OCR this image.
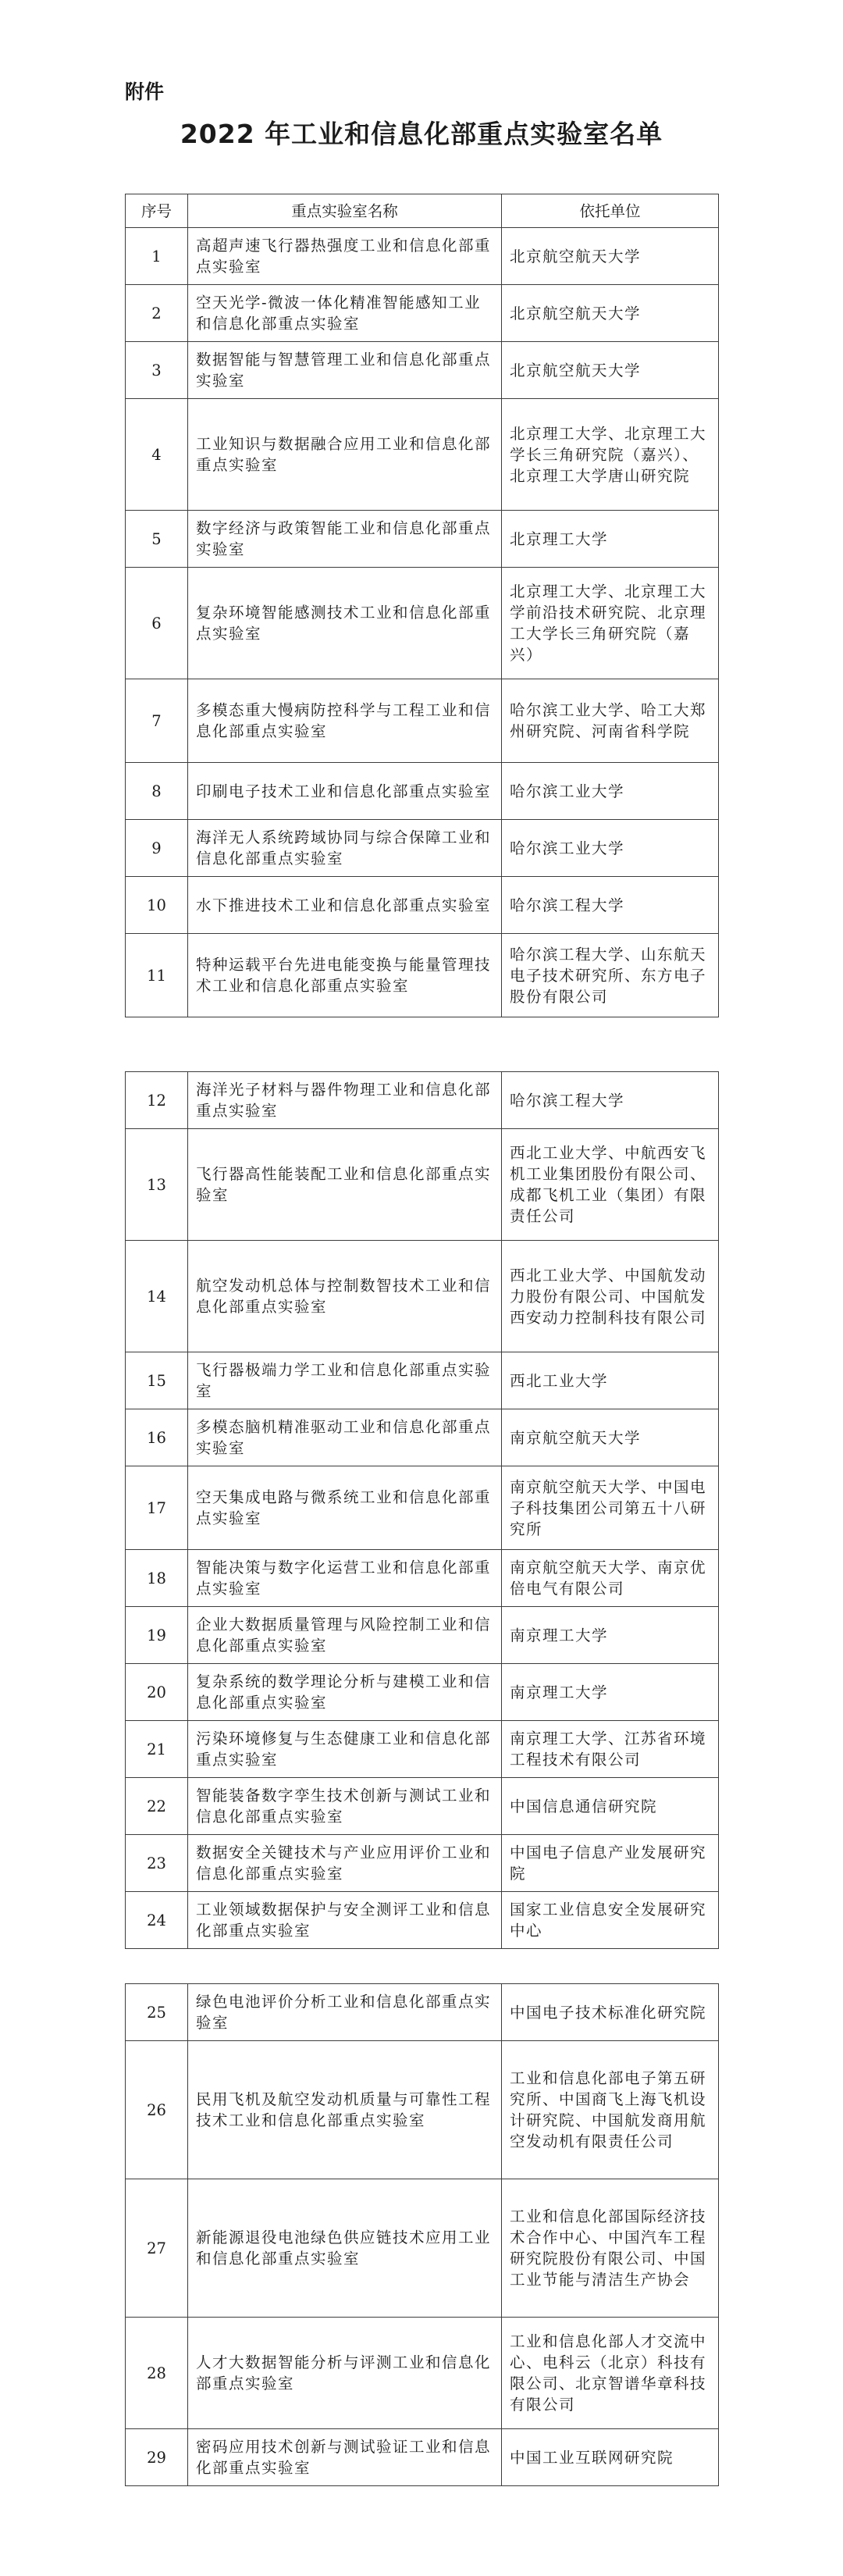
附件
2022 年工业和信息化部重点实验室名单
序号	重点实验室名称	依托单位
1	高超声速飞行器热强度工业和信息化部重点实验室	北京航空航天大学
2	空天光学-微波一体化精准智能感知工业和信息化部重点实验室	北京航空航天大学
3	数据智能与智慧管理工业和信息化部重点实验室	北京航空航天大学
4	工业知识与数据融合应用工业和信息化部重点实验室	北京理工大学、北京理工大学长三角研究院（嘉兴）、北京理工大学唐山研究院
5	数字经济与政策智能工业和信息化部重点实验室	北京理工大学
6	复杂环境智能感测技术工业和信息化部重点实验室	北京理工大学、北京理工大学前沿技术研究院、北京理工大学长三角研究院（嘉兴）
7	多模态重大慢病防控科学与工程工业和信息化部重点实验室	哈尔滨工业大学、哈工大郑州研究院、河南省科学院
8	印刷电子技术工业和信息化部重点实验室	哈尔滨工业大学
9	海洋无人系统跨域协同与综合保障工业和信息化部重点实验室	哈尔滨工业大学
10	水下推进技术工业和信息化部重点实验室	哈尔滨工程大学
11	特种运载平台先进电能变换与能量管理技术工业和信息化部重点实验室	哈尔滨工程大学、山东航天电子技术研究所、东方电子股份有限公司
12	海洋光子材料与器件物理工业和信息化部重点实验室	哈尔滨工程大学
13	飞行器高性能装配工业和信息化部重点实验室	西北工业大学、中航西安飞机工业集团股份有限公司、成都飞机工业（集团）有限责任公司
14	航空发动机总体与控制数智技术工业和信息化部重点实验室	西北工业大学、中国航发动力股份有限公司、中国航发西安动力控制科技有限公司
15	飞行器极端力学工业和信息化部重点实验室	西北工业大学
16	多模态脑机精准驱动工业和信息化部重点实验室	南京航空航天大学
17	空天集成电路与微系统工业和信息化部重点实验室	南京航空航天大学、中国电子科技集团公司第五十八研究所
18	智能决策与数字化运营工业和信息化部重点实验室	南京航空航天大学、南京优倍电气有限公司
19	企业大数据质量管理与风险控制工业和信息化部重点实验室	南京理工大学
20	复杂系统的数学理论分析与建模工业和信息化部重点实验室	南京理工大学
21	污染环境修复与生态健康工业和信息化部重点实验室	南京理工大学、江苏省环境工程技术有限公司
22	智能装备数字孪生技术创新与测试工业和信息化部重点实验室	中国信息通信研究院
23	数据安全关键技术与产业应用评价工业和信息化部重点实验室	中国电子信息产业发展研究院
24	工业领域数据保护与安全测评工业和信息化部重点实验室	国家工业信息安全发展研究中心
25	绿色电池评价分析工业和信息化部重点实验室	中国电子技术标准化研究院
26	民用飞机及航空发动机质量与可靠性工程技术工业和信息化部重点实验室	工业和信息化部电子第五研究所、中国商飞上海飞机设计研究院、中国航发商用航空发动机有限责任公司
27	新能源退役电池绿色供应链技术应用工业和信息化部重点实验室	工业和信息化部国际经济技术合作中心、中国汽车工程研究院股份有限公司、中国工业节能与清洁生产协会
28	人才大数据智能分析与评测工业和信息化部重点实验室	工业和信息化部人才交流中心、电科云（北京）科技有限公司、北京智谱华章科技有限公司
29	密码应用技术创新与测试验证工业和信息化部重点实验室	中国工业互联网研究院
